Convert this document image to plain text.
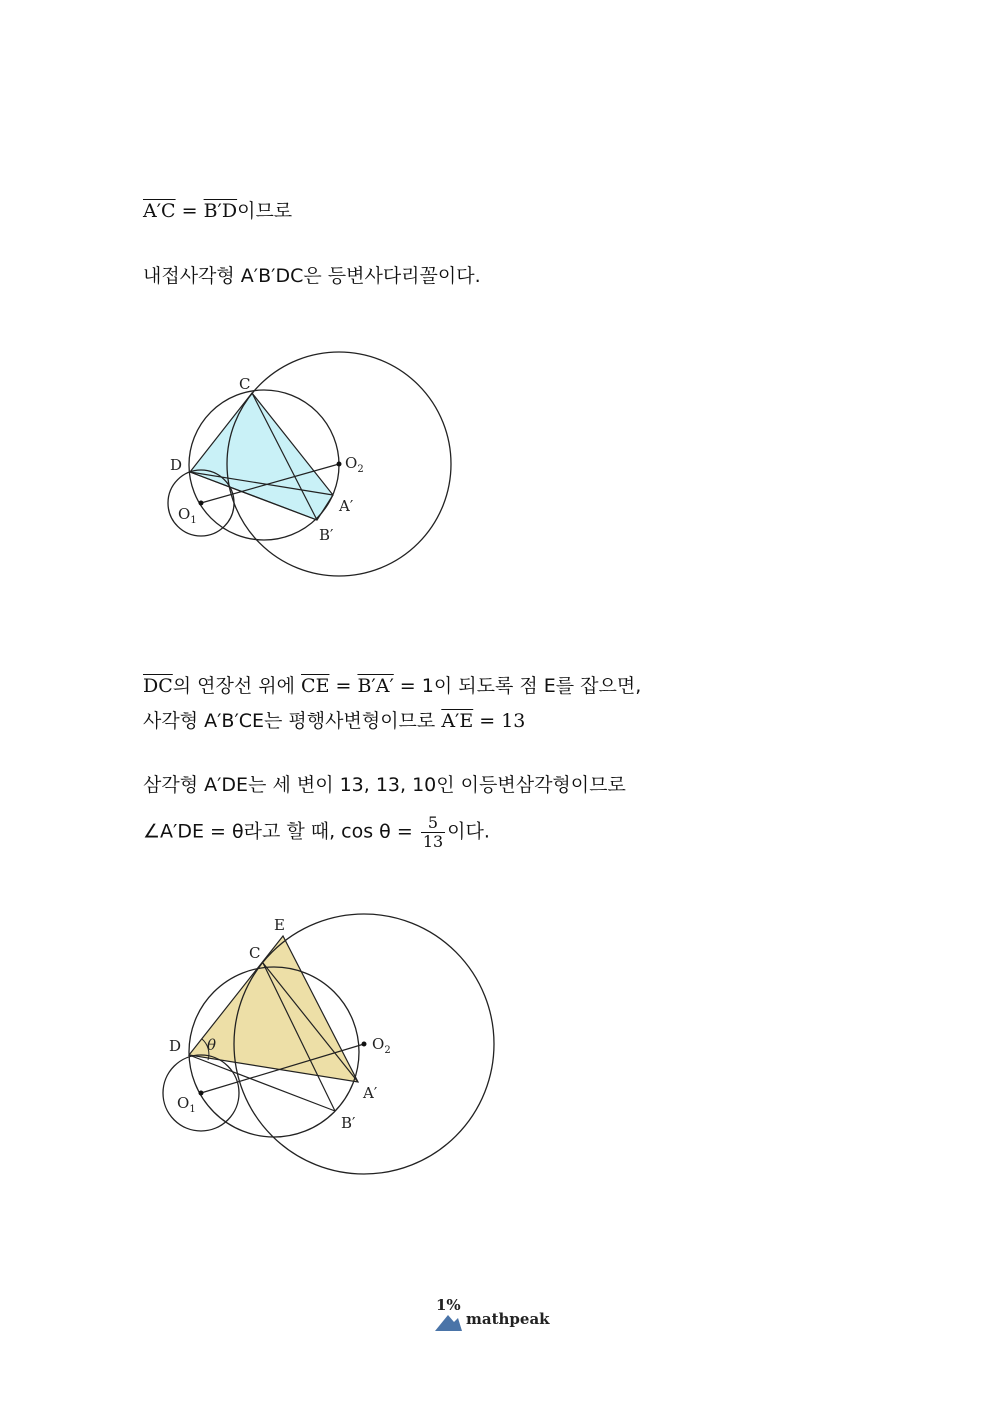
A′C = B′D이므로
내접사각형 A′B′DC은 등변사다리꼴이다.
C
D
$O_1$
$O_2$
A′
B′
$\overline{DC}$의 연장선 위에 $\overline{CE} = B'A' = 1$이 되도록 점 E를 잡으면,
사각형 A′B′CE는 평행사변형이므로 A′E = 13
삼각형 A′DE는 세 변이 13, 13, 10인 이등변삼각형이므로
∠A′DE = θ라고 할 때, $\cos \theta = \frac{5}{13}$ 이다.
E
C
D θ
$O_1$
$O_2$
A′
B′
1%
mathpeak
